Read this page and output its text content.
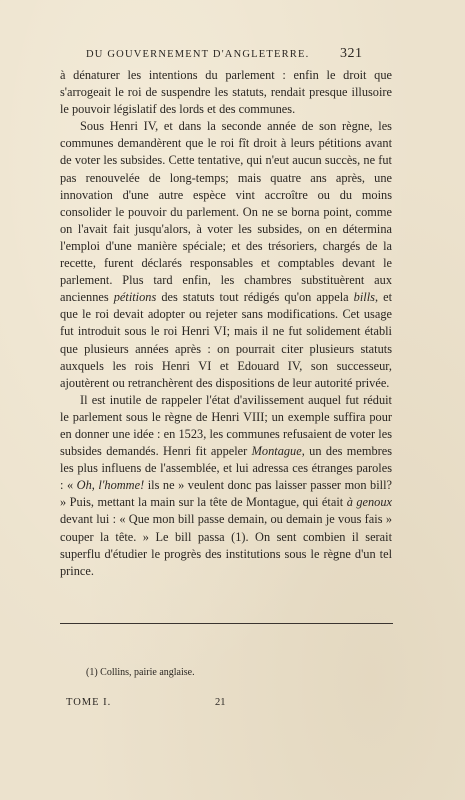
DU GOUVERNEMENT D'ANGLETERRE.	321

à dénaturer les intentions du parlement : enfin le droit que s'arrogeait le roi de suspendre les statuts, rendait presque illusoire le pouvoir législatif des lords et des communes.

Sous Henri IV, et dans la seconde année de son règne, les communes demandèrent que le roi fît droit à leurs pétitions avant de voter les subsides. Cette tentative, qui n'eut aucun succès, ne fut pas renouvelée de long-temps; mais quatre ans après, une innovation d'une autre espèce vint accroître ou du moins consolider le pouvoir du parlement. On ne se borna point, comme on l'avait fait jusqu'alors, à voter les subsides, on en détermina l'emploi d'une manière spéciale; et des trésoriers, chargés de la recette, furent déclarés responsables et comptables devant le parlement. Plus tard enfin, les chambres substituèrent aux anciennes pétitions des statuts tout rédigés qu'on appela bills, et que le roi devait adopter ou rejeter sans modifications. Cet usage fut introduit sous le roi Henri VI; mais il ne fut solidement établi que plusieurs années après : on pourrait citer plusieurs statuts auxquels les rois Henri VI et Edouard IV, son successeur, ajoutèrent ou retranchèrent des dispositions de leur autorité privée.

Il est inutile de rappeler l'état d'avilissement auquel fut réduit le parlement sous le règne de Henri VIII; un exemple suffira pour en donner une idée : en 1523, les communes refusaient de voter les subsides demandés. Henri fit appeler Montague, un des membres les plus influens de l'assemblée, et lui adressa ces étranges paroles : « Oh, l'homme! ils ne » veulent donc pas laisser passer mon bill? » Puis, mettant la main sur la tête de Montague, qui était à genoux devant lui : « Que mon bill passe demain, ou demain je vous fais » couper la tête. » Le bill passa (1). On sent combien il serait superflu d'étudier le progrès des institutions sous le règne d'un tel prince.

(1) Collins, pairie anglaise.
TOME I.	21
